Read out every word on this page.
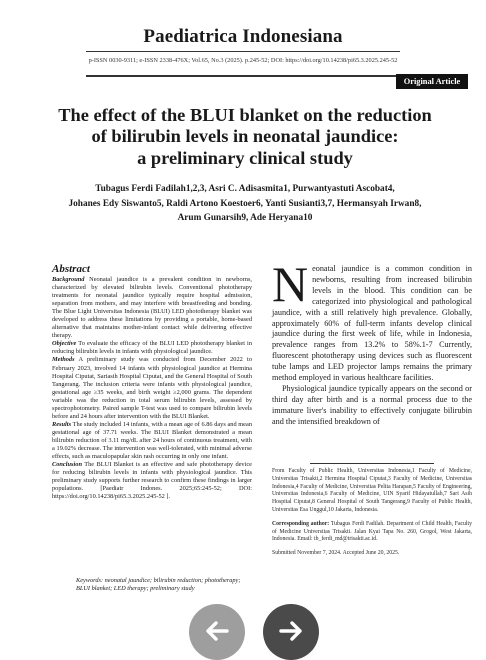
Paediatrica Indonesiana
p-ISSN 0030-9311; e-ISSN 2338-476X; Vol.65, No.3 (2025). p.245-52; DOI: https://doi.org/10.14238/pi65.3.2025.245-52
Original Article
The effect of the BLUI blanket on the reduction
of bilirubin levels in neonatal jaundice:
a preliminary clinical study
Tubagus Ferdi Fadilah1,2,3, Asri C. Adisasmita1, Purwantyastuti Ascobat4,
Johanes Edy Siswanto5, Raldi Artono Koestoer6, Yanti Susianti3,7, Hermansyah Irwan8,
Arum Gunarsih9, Ade Heryana10
Abstract

Background Neonatal jaundice is a prevalent condition in newborns, characterized by elevated bilirubin levels. Conventional phototherapy treatments for neonatal jaundice typically require hospital admission, separation from mothers, and may interfere with breastfeeding and bonding. The Blue Light Universitas Indonesia (BLUI) LED phototherapy blanket was developed to address these limitations by providing a portable, home-based alternative that maintains mother-infant contact while delivering effective therapy.

Objective To evaluate the efficacy of the BLUI LED phototherapy blanket in reducing bilirubin levels in infants with physiological jaundice.

Methods A preliminary study was conducted from December 2022 to February 2023, involved 14 infants with physiological jaundice at Hermina Hospital Ciputat, Sariasih Hospital Ciputat, and the General Hospital of South Tangerang. The inclusion criteria were infants with physiological jaundice, gestational age ≥35 weeks, and birth weight ≥2,000 grams. The dependent variable was the reduction in total serum bilirubin levels, assessed by spectrophotometry. Paired sample T-test was used to compare bilirubin levels before and 24 hours after intervention with the BLUI Blanket.

Results The study included 14 infants, with a mean age of 6.86 days and mean gestational age of 37.71 weeks. The BLUI Blanket demonstrated a mean bilirubin reduction of 3.11 mg/dL after 24 hours of continuous treatment, with a 19.02% decrease. The intervention was well-tolerated, with minimal adverse effects, such as maculopapular skin rash occurring in only one infant.

Conclusion The BLUI Blanket is an effective and safe phototherapy device for reducing bilirubin levels in infants with physiological jaundice. This preliminary study supports further research to confirm these findings in larger populations. [Paediatr Indones. 2025;65:245-52; DOI: https://doi.org/10.14238/pi65.3.2025.245-52 ].

Keywords: neonatal jaundice; bilirubin reduction; phototherapy; BLUI blanket; LED therapy; preliminary study

Neonatal jaundice is a common condition in newborns, resulting from increased bilirubin levels in the blood. This condition can be categorized into physiological and pathological jaundice, with a still relatively high prevalence. Globally, approximately 60% of full-term infants develop clinical jaundice during the first week of life, while in Indonesia, prevalence ranges from 13.2% to 58%.1-7 Currently, fluorescent phototherapy using devices such as fluorescent tube lamps and LED projector lamps remains the primary method employed in various healthcare facilities.

Physiological jaundice typically appears on the second or third day after birth and is a normal process due to the immature liver's inability to effectively conjugate bilirubin and the intensified breakdown of

From Faculty of Public Health, Universitas Indonesia,1 Faculty of Medicine, Universitas Trisakti,2 Hermina Hospital Ciputat,3 Faculty of Medicine, Universitas Indonesia,4 Faculty of Medicine, Universitas Pelita Harapan,5 Faculty of Engineering, Universitas Indonesia,6 Faculty of Medicine, UIN Syarif Hidayatullah,7 Sari Asih Hospital Ciputat,8 General Hospital of South Tangerang,9 Faculty of Public Health, Universitas Esa Unggul,10 Jakarta, Indonesia.

Corresponding author: Tubagus Ferdi Fadilah. Department of Child Health, Faculty of Medicine Universitas Trisakti. Jalan Kyai Tapa No. 260, Grogol, West Jakarta, Indonesia. Email: tb_ferdi_md@trisakti.ac.id.

Submitted November 7, 2024. Accepted June 20, 2025.
